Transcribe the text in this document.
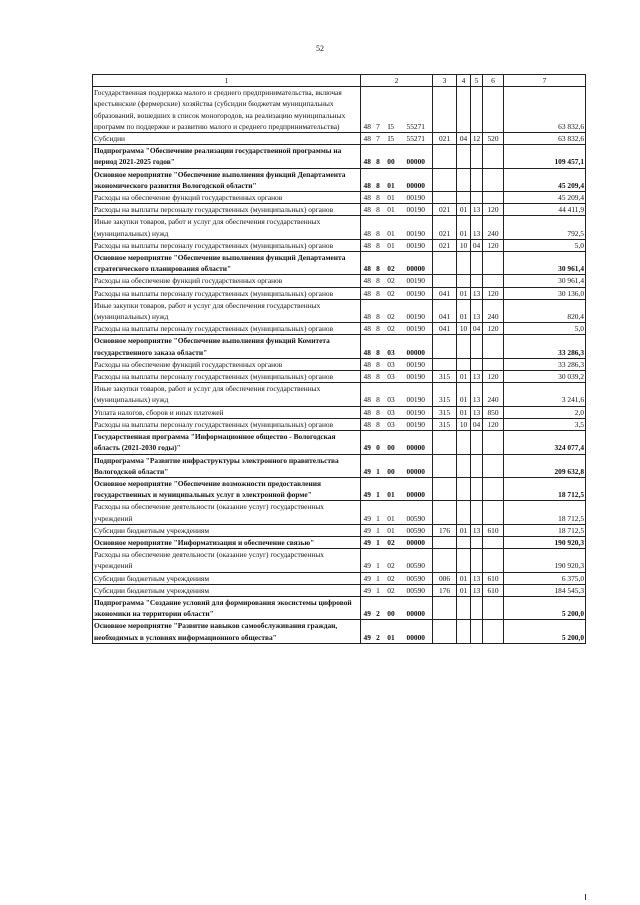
52
1	2				3	4	5	6	7
Государственная поддержка малого и среднего предпринимательства, включая крестьянские (фермерские) хозяйства (субсидии бюджетам муниципальных образований, вошедших в список моногородов, на реализацию муниципальных программ по поддержке и развитию малого и среднего предпринимательства)	48	7	I5	55271					63 832,6
Субсидии	48	7	I5	55271	021	04	12	520	63 832,6
Подпрограмма "Обеспечение реализации государственной программы на период 2021-2025 годов"	48	8	00	00000					109 457,1
Основное мероприятие "Обеспечение выполнения функций Департамента экономического развития Вологодской области"	48	8	01	00000					45 209,4
Расходы на обеспечение функций государственных органов	48	8	01	00190					45 209,4
Расходы на выплаты персоналу государственных (муниципальных) органов	48	8	01	00190	021	01	13	120	44 411,9
Иные закупки товаров, работ и услуг для обеспечения государственных (муниципальных) нужд	48	8	01	00190	021	01	13	240	792,5
Расходы на выплаты персоналу государственных (муниципальных) органов	48	8	01	00190	021	10	04	120	5,0
Основное мероприятие "Обеспечение выполнения функций Департамента стратегического планирования области"	48	8	02	00000					30 961,4
Расходы на обеспечение функций государственных органов	48	8	02	00190					30 961,4
Расходы на выплаты персоналу государственных (муниципальных) органов	48	8	02	00190	041	01	13	120	30 136,0
Иные закупки товаров, работ и услуг для обеспечения государственных (муниципальных) нужд	48	8	02	00190	041	01	13	240	820,4
Расходы на выплаты персоналу государственных (муниципальных) органов	48	8	02	00190	041	10	04	120	5,0
Основное мероприятие "Обеспечение выполнения функций Комитета государственного заказа области"	48	8	03	00000					33 286,3
Расходы на обеспечение функций государственных органов	48	8	03	00190					33 286,3
Расходы на выплаты персоналу государственных (муниципальных) органов	48	8	03	00190	315	01	13	120	30 039,2
Иные закупки товаров, работ и услуг для обеспечения государственных (муниципальных) нужд	48	8	03	00190	315	01	13	240	3 241,6
Уплата налогов, сборов и иных платежей	48	8	03	00190	315	01	13	850	2,0
Расходы на выплаты персоналу государственных (муниципальных) органов	48	8	03	00190	315	10	04	120	3,5
Государственная программа "Информационное общество - Вологодская область (2021-2030 годы)"	49	0	00	00000					324 077,4
Подпрограмма "Развитие инфраструктуры электронного правительства Вологодской области"	49	1	00	00000					209 632,8
Основное мероприятие "Обеспечение возможности предоставления государственных и муниципальных услуг в электронной форме"	49	1	01	00000					18 712,5
Расходы на обеспечение деятельности (оказание услуг) государственных учреждений	49	1	01	00590					18 712,5
Субсидии бюджетным учреждениям	49	1	01	00590	176	01	13	610	18 712,5
Основное мероприятие "Информатизация и обеспечение связью"	49	1	02	00000					190 920,3
Расходы на обеспечение деятельности (оказание услуг) государственных учреждений	49	1	02	00590					190 920,3
Субсидии бюджетным учреждениям	49	1	02	00590	006	01	13	610	6 375,0
Субсидии бюджетным учреждениям	49	1	02	00590	176	01	13	610	184 545,3
Подпрограмма "Создание условий для формирования экосистемы цифровой экономики на территории области"	49	2	00	00000					5 200,0
Основное мероприятие "Развитие навыков самообслуживания граждан, необходимых в условиях информационного общества"	49	2	01	00000					5 200,0
